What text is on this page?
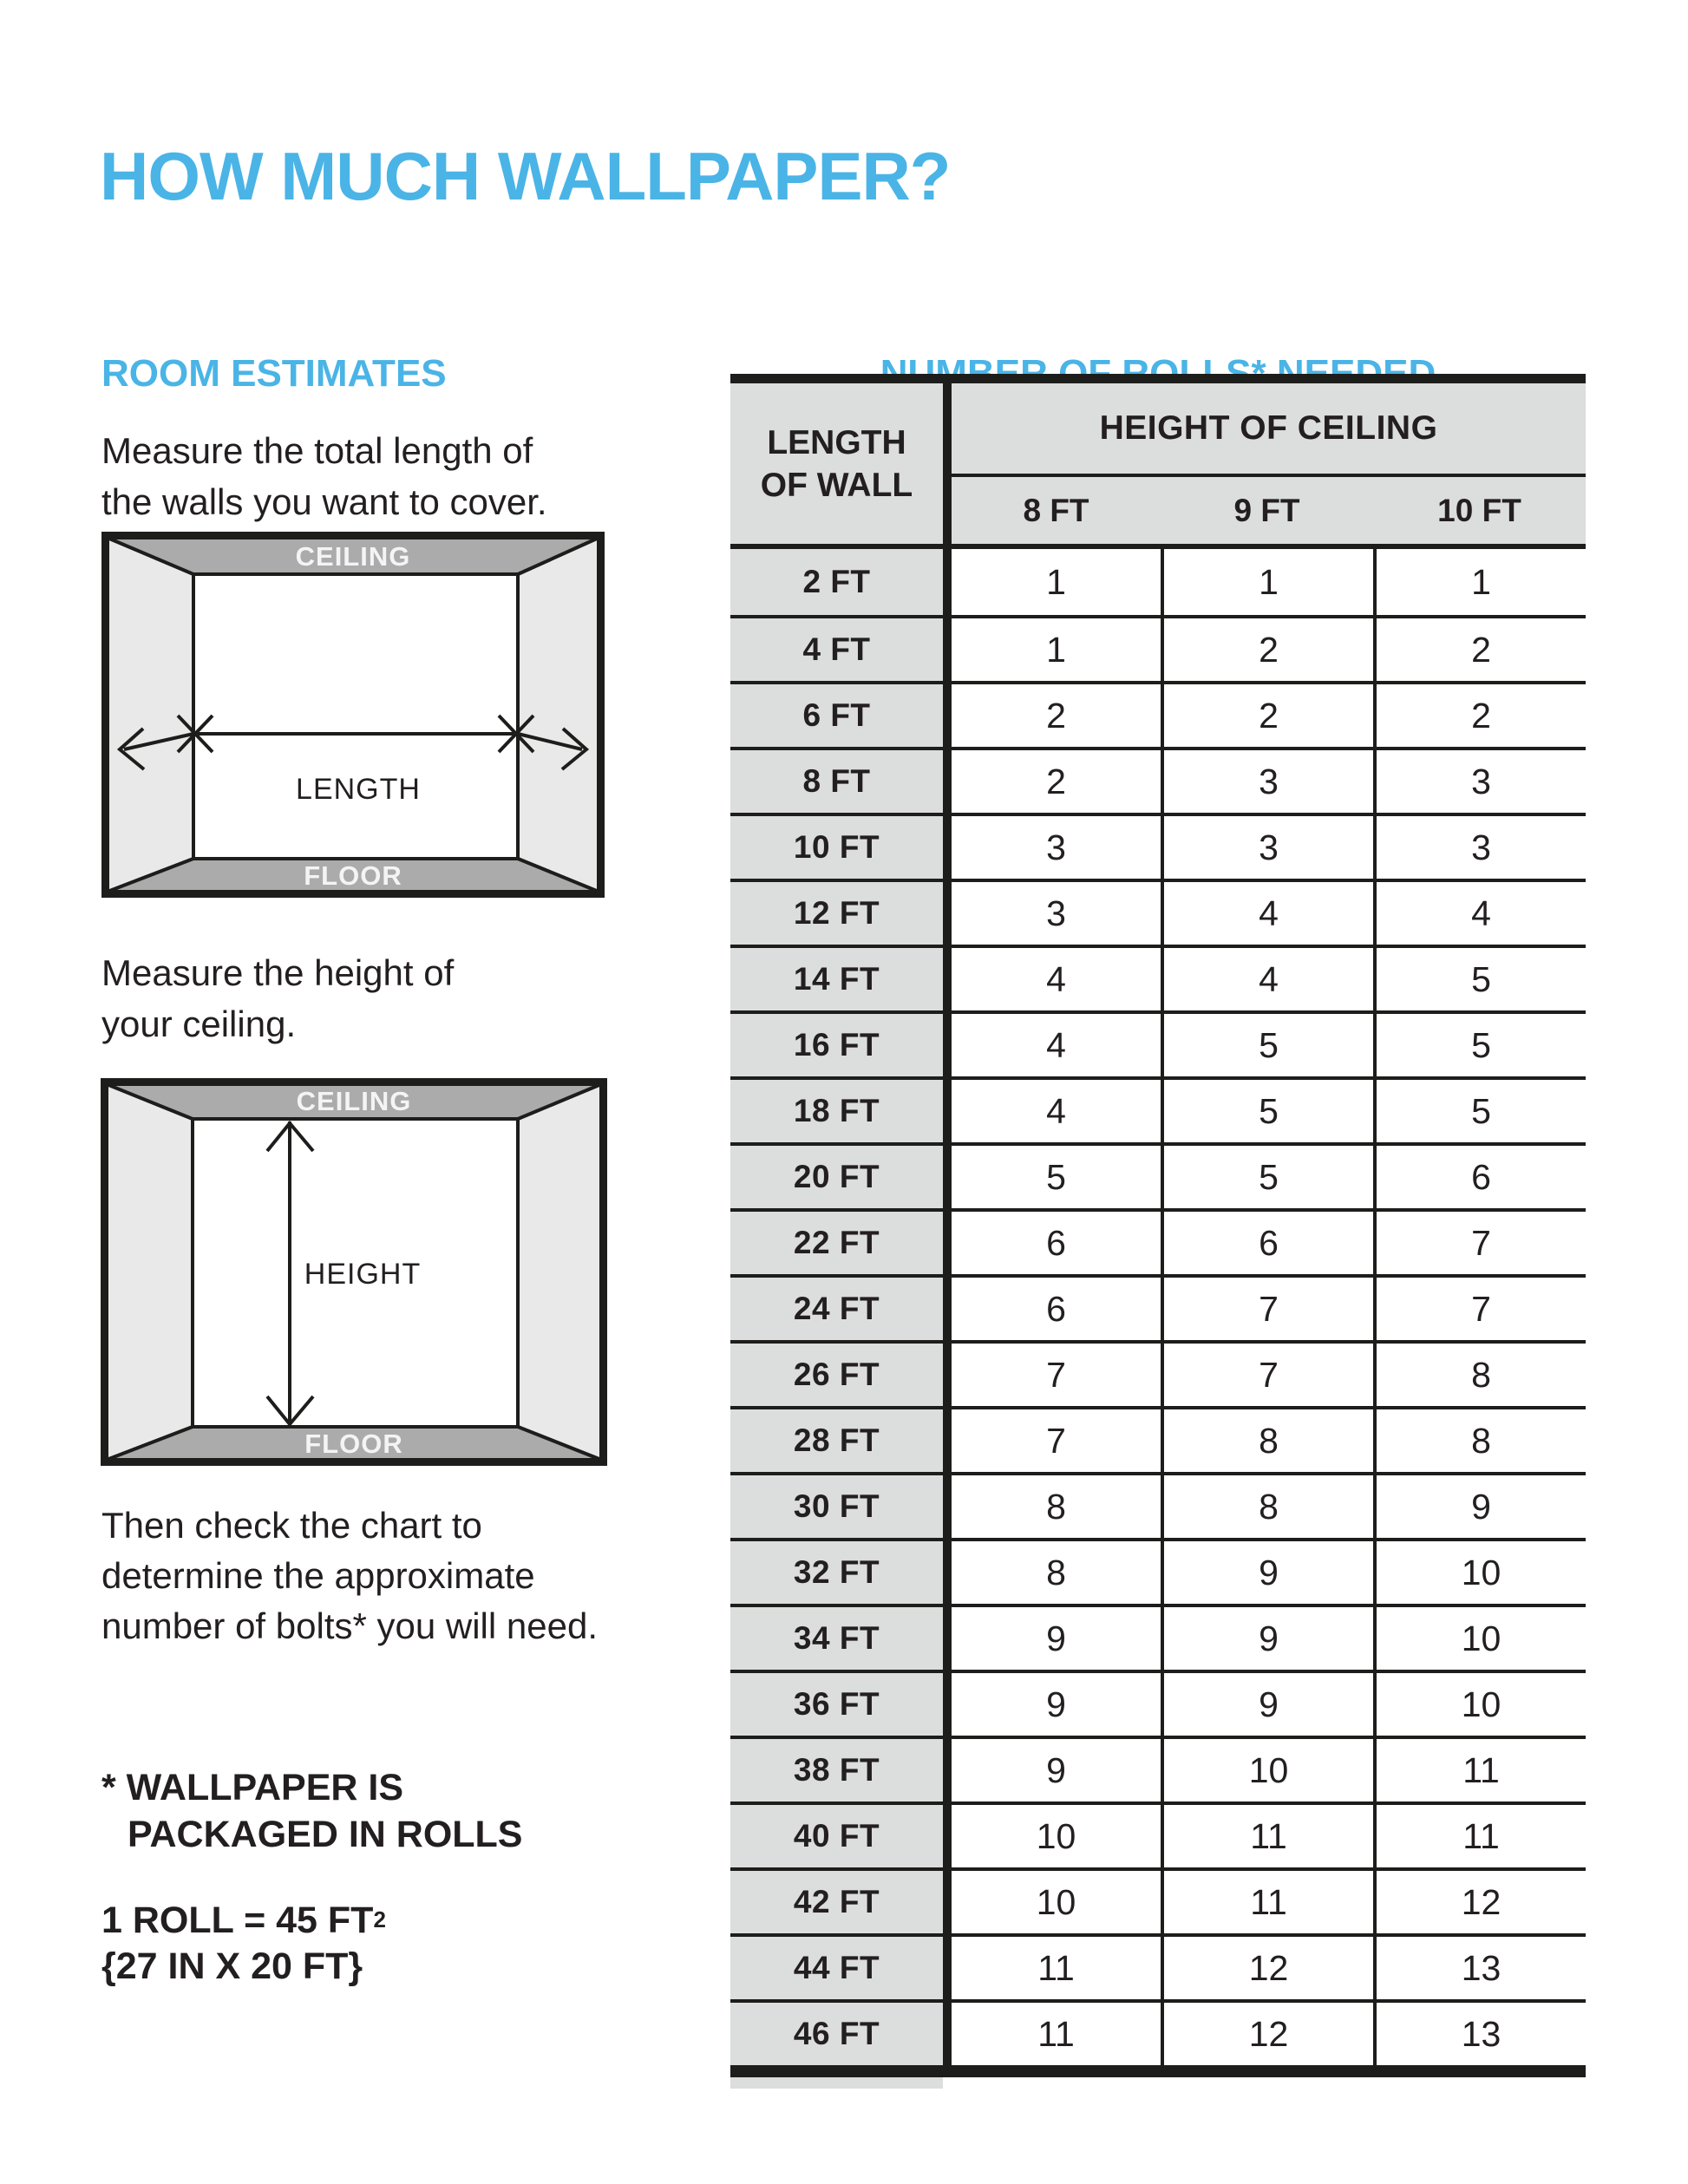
HOW MUCH WALLPAPER?
ROOM ESTIMATES
Measure the total length of
the walls you want to cover.
CEILING
FLOOR
LENGTH
Measure the height of
your ceiling.
CEILING
FLOOR
HEIGHT
Then check the chart to
determine the approximate
number of bolts* you will need.
* WALLPAPER IS
PACKAGED IN ROLLS
1 ROLL = 45 $FT^2$
{27 IN X 20 FT}
LENGTH
OF WALL
HEIGHT OF CEILING
8 FT	9 FT	10 FT
2 FT	1	1	1
4 FT	1	2	2
6 FT	2	2	2
8 FT	2	3	3
10 FT	3	3	3
12 FT	3	4	4
14 FT	4	4	5
16 FT	4	5	5
18 FT	4	5	5
20 FT	5	5	6
22 FT	6	6	7
24 FT	6	7	7
26 FT	7	7	8
28 FT	7	8	8
30 FT	8	8	9
32 FT	8	9	10
34 FT	9	9	10
36 FT	9	9	10
38 FT	9	10	11
40 FT	10	11	11
42 FT	10	11	12
44 FT	11	12	13
46 FT	11	12	13
